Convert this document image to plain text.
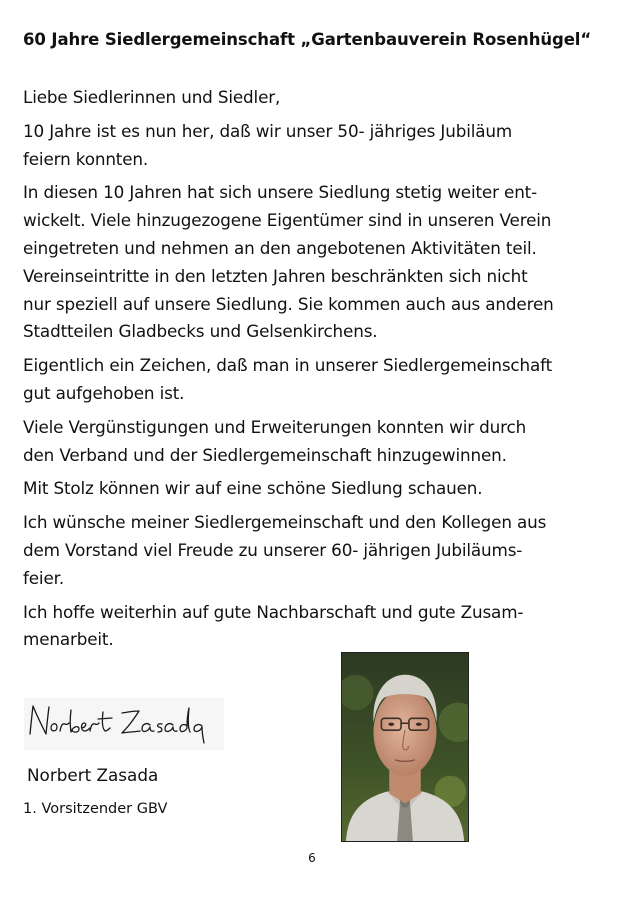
60 Jahre Siedlergemeinschaft „Gartenbauverein Rosenhügel“

Liebe Siedlerinnen und Siedler,

10 Jahre ist es nun her, daß wir unser 50- jähriges Jubiläum
feiern konnten.

In diesen 10 Jahren hat sich unsere Siedlung stetig weiter ent-
wickelt. Viele hinzugezogene Eigentümer sind in unseren Verein
eingetreten und nehmen an den angebotenen Aktivitäten teil.
Vereinseintritte in den letzten Jahren beschränkten sich nicht
nur speziell auf unsere Siedlung. Sie kommen auch aus anderen
Stadtteilen Gladbecks und Gelsenkirchens.

Eigentlich ein Zeichen, daß man in unserer Siedlergemeinschaft
gut aufgehoben ist.

Viele Vergünstigungen und Erweiterungen konnten wir durch
den Verband und der Siedlergemeinschaft hinzugewinnen.

Mit Stolz können wir auf eine schöne Siedlung schauen.

Ich wünsche meiner Siedlergemeinschaft und den Kollegen aus
dem Vorstand viel Freude zu unserer 60- jährigen Jubiläums-
feier.

Ich hoffe weiterhin auf gute Nachbarschaft und gute Zusam-
menarbeit.

Norbert Zasada
1. Vorsitzender GBV
6
